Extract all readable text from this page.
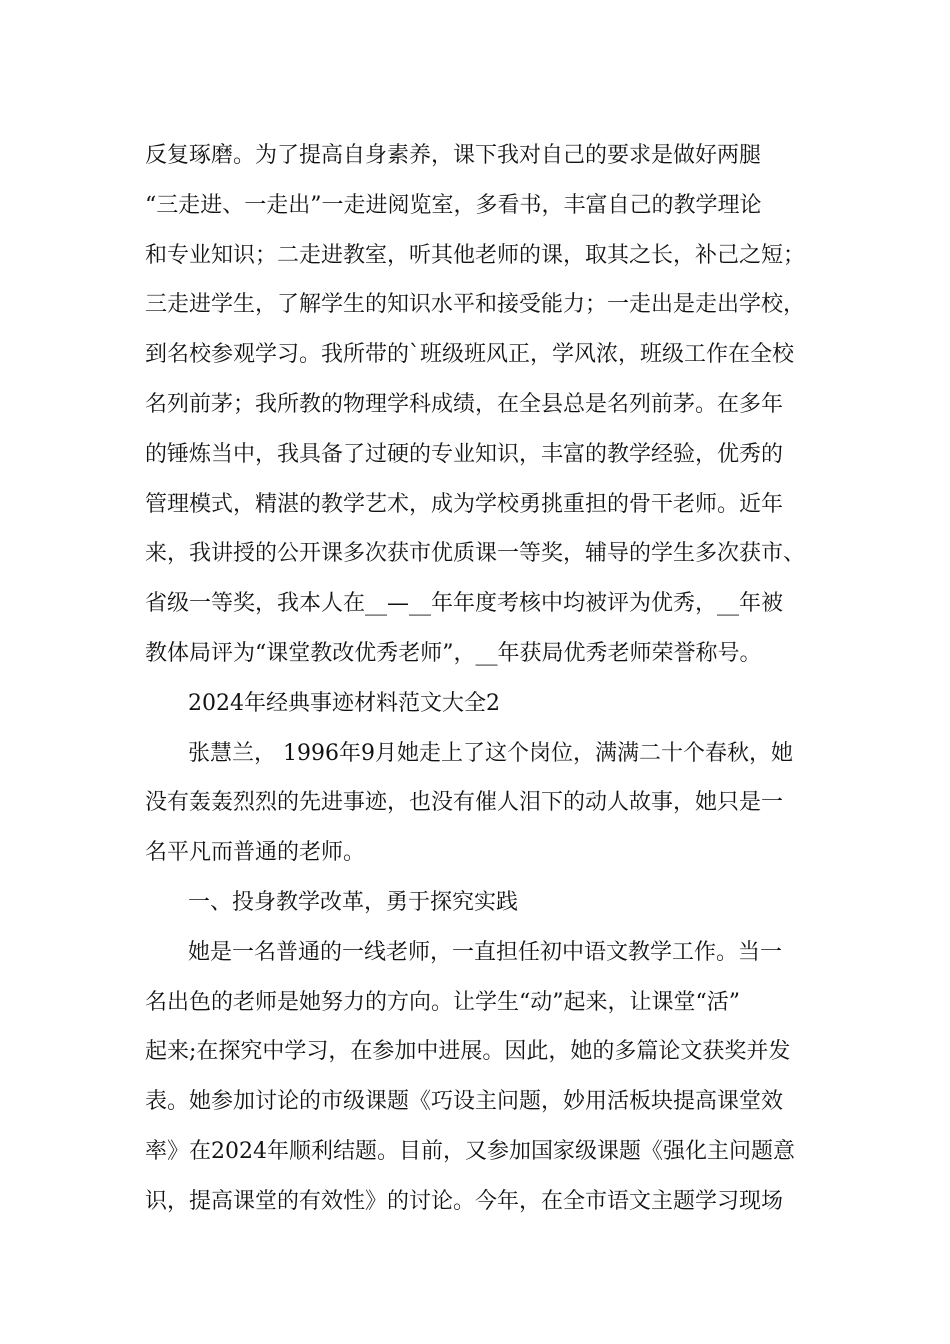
反复琢磨。为了提高自身素养，课下我对自己的要求是做好两腿
“三走进、一走出”一走进阅览室，多看书，丰富自己的教学理论
和专业知识；二走进教室，听其他老师的课，取其之长，补己之短；
三走进学生，了解学生的知识水平和接受能力；一走出是走出学校，
到名校参观学习。我所带的`班级班风正，学风浓，班级工作在全校
名列前茅；我所教的物理学科成绩，在全县总是名列前茅。在多年
的锤炼当中，我具备了过硬的专业知识，丰富的教学经验，优秀的
管理模式，精湛的教学艺术，成为学校勇挑重担的骨干老师。近年
来，我讲授的公开课多次获市优质课一等奖，辅导的学生多次获市、
省级一等奖，我本人在__—__年年度考核中均被评为优秀，__年被
教体局评为“课堂教改优秀老师”，__年获局优秀老师荣誉称号。
2024年经典事迹材料范文大全2
张慧兰， 1996年9月她走上了这个岗位，满满二十个春秋，她
没有轰轰烈烈的先进事迹，也没有催人泪下的动人故事，她只是一
名平凡而普通的老师。
一、投身教学改革，勇于探究实践
她是一名普通的一线老师，一直担任初中语文教学工作。当一
名出色的老师是她努力的方向。让学生“动”起来，让课堂“活”
起来;在探究中学习，在参加中进展。因此，她的多篇论文获奖并发
表。她参加讨论的市级课题《巧设主问题，妙用活板块提高课堂效
率》在2024年顺利结题。目前，又参加国家级课题《强化主问题意
识，提高课堂的有效性》的讨论。今年，在全市语文主题学习现场
